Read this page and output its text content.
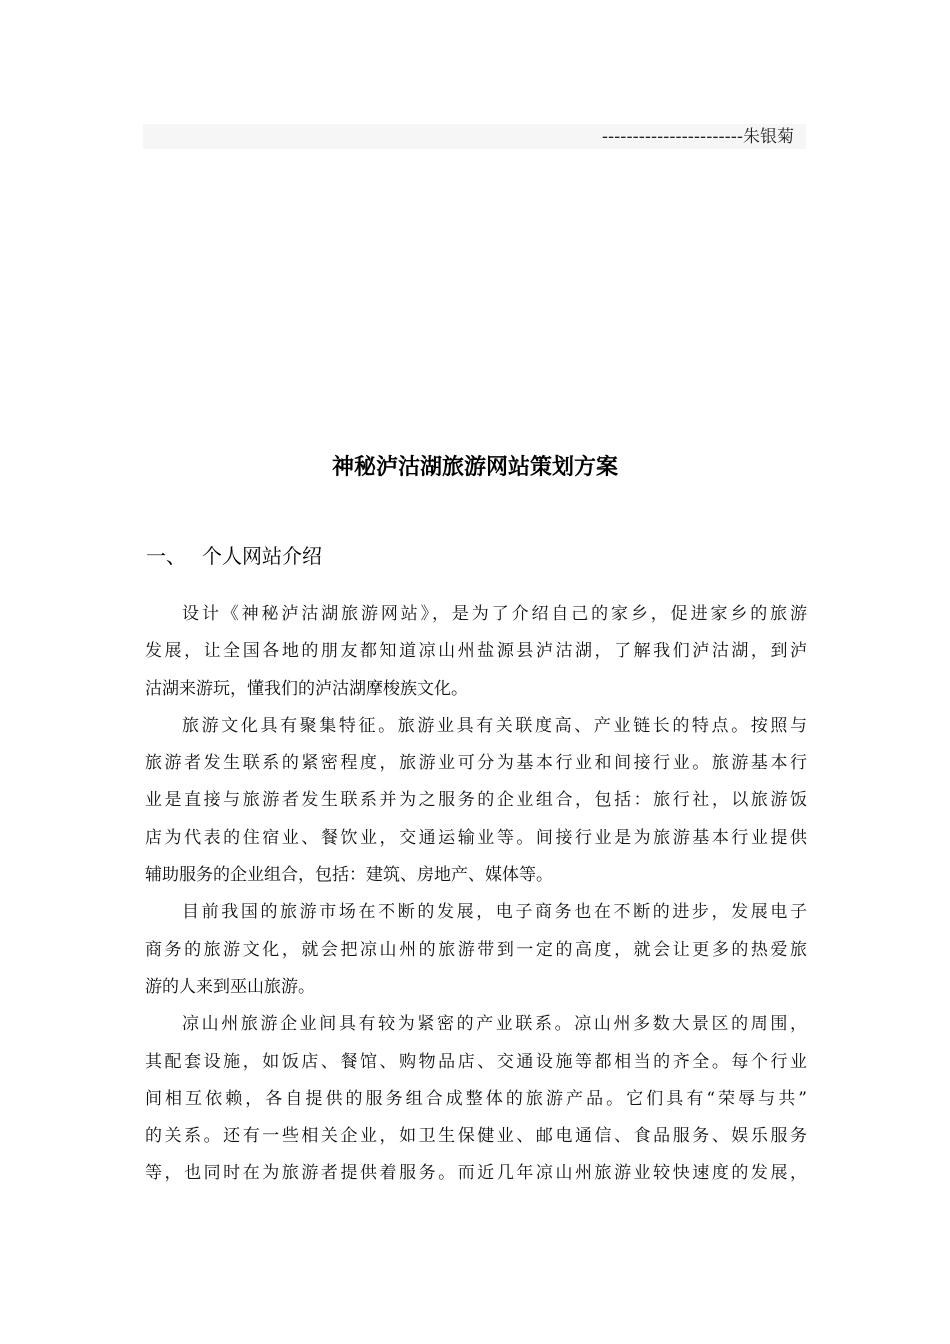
-----------------------朱银菊
神秘泸沽湖旅游网站策划方案
一、 个人网站介绍
设计《神秘泸沽湖旅游网站》，是为了介绍自己的家乡，促进家乡的旅游
发展，让全国各地的朋友都知道凉山州盐源县泸沽湖，了解我们泸沽湖，到泸
沽湖来游玩，懂我们的泸沽湖摩梭族文化。
旅游文化具有聚集特征。旅游业具有关联度高、产业链长的特点。按照与
旅游者发生联系的紧密程度，旅游业可分为基本行业和间接行业。旅游基本行
业是直接与旅游者发生联系并为之服务的企业组合，包括：旅行社，以旅游饭
店为代表的住宿业、餐饮业，交通运输业等。间接行业是为旅游基本行业提供
辅助服务的企业组合，包括：建筑、房地产、媒体等。
目前我国的旅游市场在不断的发展，电子商务也在不断的进步，发展电子
商务的旅游文化，就会把凉山州的旅游带到一定的高度，就会让更多的热爱旅
游的人来到巫山旅游。
凉山州旅游企业间具有较为紧密的产业联系。凉山州多数大景区的周围，
其配套设施，如饭店、餐馆、购物品店、交通设施等都相当的齐全。每个行业
间相互依赖，各自提供的服务组合成整体的旅游产品。它们具有“荣辱与共”
的关系。还有一些相关企业，如卫生保健业、邮电通信、食品服务、娱乐服务
等，也同时在为旅游者提供着服务。而近几年凉山州旅游业较快速度的发展，
